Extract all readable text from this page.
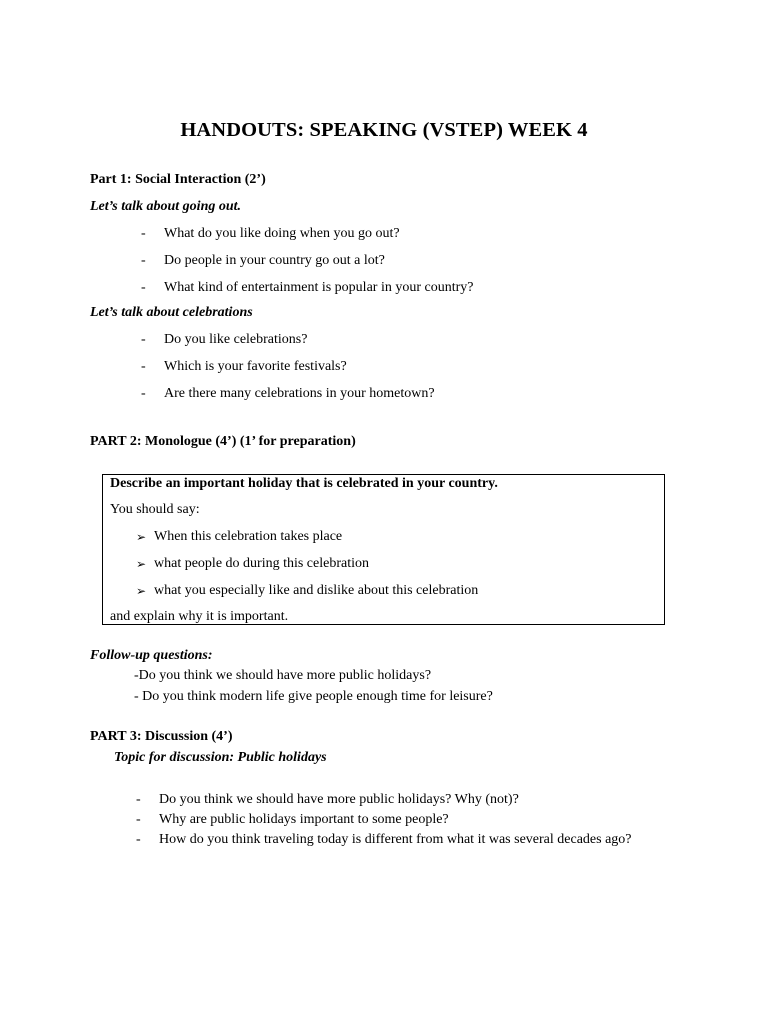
HANDOUTS: SPEAKING (VSTEP) WEEK 4
Part 1: Social Interaction (2’)
Let’s talk about going out.
- What do you like doing when you go out?
- Do people in your country go out a lot?
- What kind of entertainment is popular in your country?
Let’s talk about celebrations
- Do you like celebrations?
- Which is your favorite festivals?
- Are there many celebrations in your hometown?
PART 2: Monologue (4’) (1’ for preparation)
Describe an important holiday that is celebrated in your country.
You should say:
➢ When this celebration takes place
➢ what people do during this celebration
➢ what you especially like and dislike about this celebration
and explain why it is important.
Follow-up questions:
-Do you think we should have more public holidays?
- Do you think modern life give people enough time for leisure?
PART 3: Discussion (4’)
Topic for discussion: Public holidays
- Do you think we should have more public holidays? Why (not)?
- Why are public holidays important to some people?
- How do you think traveling today is different from what it was several decades ago?
